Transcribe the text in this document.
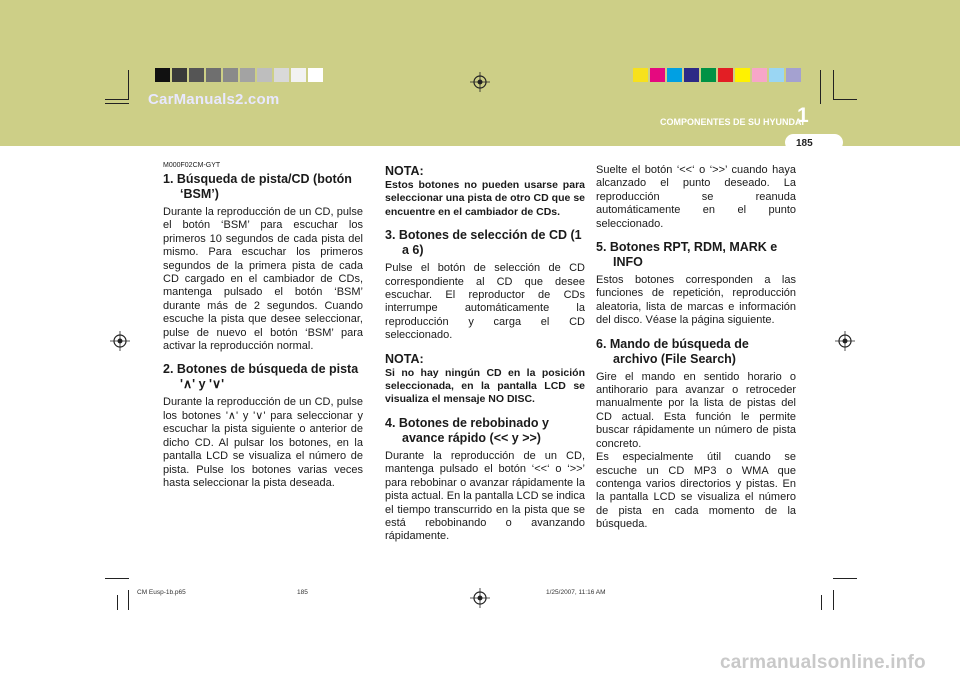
CarManuals2.com
COMPONENTES DE SU HYUNDAI
1
185
M000F02CM-GYT
1. Búsqueda de pista/CD (botón ‘BSM’)

Durante la reproducción de un CD, pulse el botón ‘BSM’ para escuchar los primeros 10 segundos de cada pista del mismo. Para escuchar los primeros segundos de la primera pista de cada CD cargado en el cambiador de CDs, mantenga pulsado el botón ‘BSM’ durante más de 2 segundos. Cuando escuche la pista que desee seleccionar, pulse de nuevo el botón ‘BSM’ para activar la reproducción normal.

2. Botones de búsqueda de pista '∧' y '∨'

Durante la reproducción de un CD, pulse los botones '∧' y '∨' para seleccionar y escuchar la pista siguiente o anterior de dicho CD. Al pulsar los botones, en la pantalla LCD se visualiza el número de pista. Pulse los botones varias veces hasta seleccionar la pista deseada.

NOTA:
Estos botones no pueden usarse para seleccionar una pista de otro CD que se encuentre en el cambiador de CDs.
3. Botones de selección de CD (1 a 6)

Pulse el botón de selección de CD correspondiente al CD que desee escuchar. El reproductor de CDs interrumpe automáticamente la reproducción y carga el CD seleccionado.

NOTA:
Si no hay ningún CD en la posición seleccionada, en la pantalla LCD se visualiza el mensaje NO DISC.
4. Botones de rebobinado y avance rápido (<< y >>)

Durante la reproducción de un CD, mantenga pulsado el botón ‘<<‘ o ‘>>’ para rebobinar o avanzar rápidamente la pista actual. En la pantalla LCD se indica el tiempo transcurrido en la pista que se está rebobinando o avanzando rápidamente.

Suelte el botón ‘<<‘ o ‘>>’ cuando haya alcanzado el punto deseado. La reproducción se reanuda automáticamente en el punto seleccionado.

5. Botones RPT, RDM, MARK e INFO

Estos botones corresponden a las funciones de repetición, reproducción aleatoria, lista de marcas e información del disco. Véase la página siguiente.

6. Mando de búsqueda de archivo (File Search)

Gire el mando en sentido horario o antihorario para avanzar o retroceder manualmente por la lista de pistas del CD actual. Esta función le permite buscar rápidamente un número de pista concreto.

Es especialmente útil cuando se escuche un CD MP3 o WMA que contenga varios directorios y pistas. En la pantalla LCD se visualiza el número de pista en cada momento de la búsqueda.

CM Eusp-1b.p65	185	1/25/2007, 11:16 AM
carmanualsonline.info
